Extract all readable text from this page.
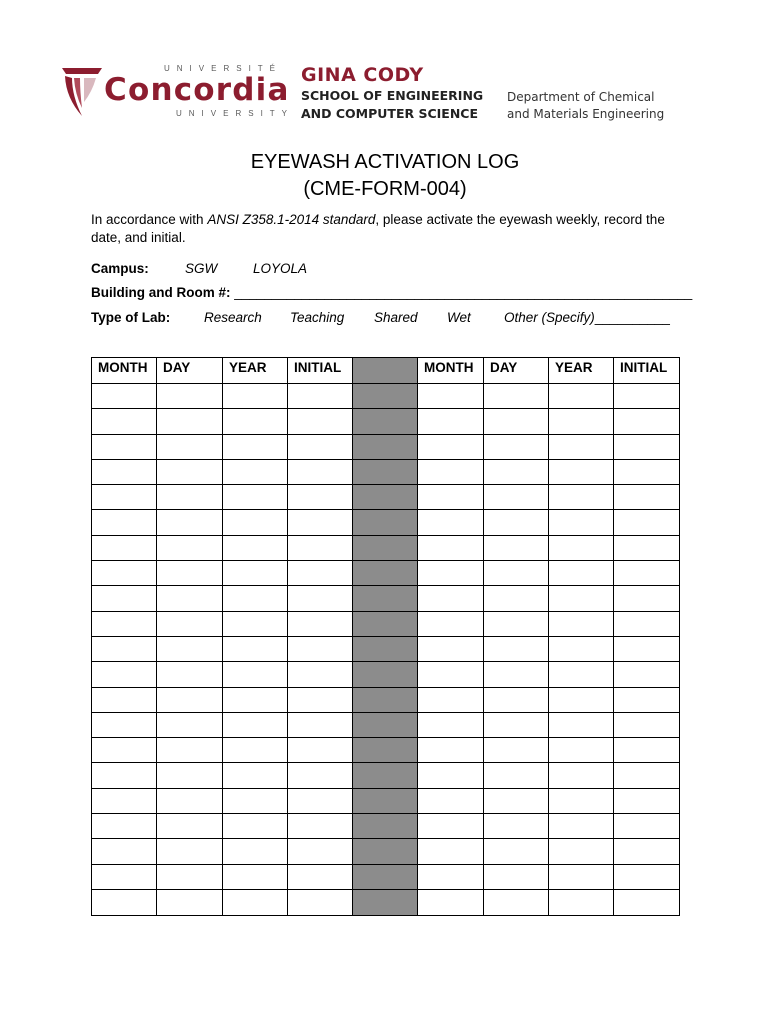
UNIVERSITÉ
Concordia
UNIVERSITY
GINA CODY
SCHOOL OF ENGINEERING
AND COMPUTER SCIENCE
Department of Chemical
and Materials Engineering
EYEWASH ACTIVATION LOG
(CME-FORM-004)
In accordance with ANSI Z358.1-2014 standard, please activate the eyewash weekly, record the date, and initial.
Campus:	SGW	LOYOLA
Building and Room #: _____________________________________________________________
Type of Lab:	Research Teaching Shared Wet Other (Specify)__________
MONTH	DAY	YEAR	INITIAL		MONTH	DAY	YEAR	INITIAL
